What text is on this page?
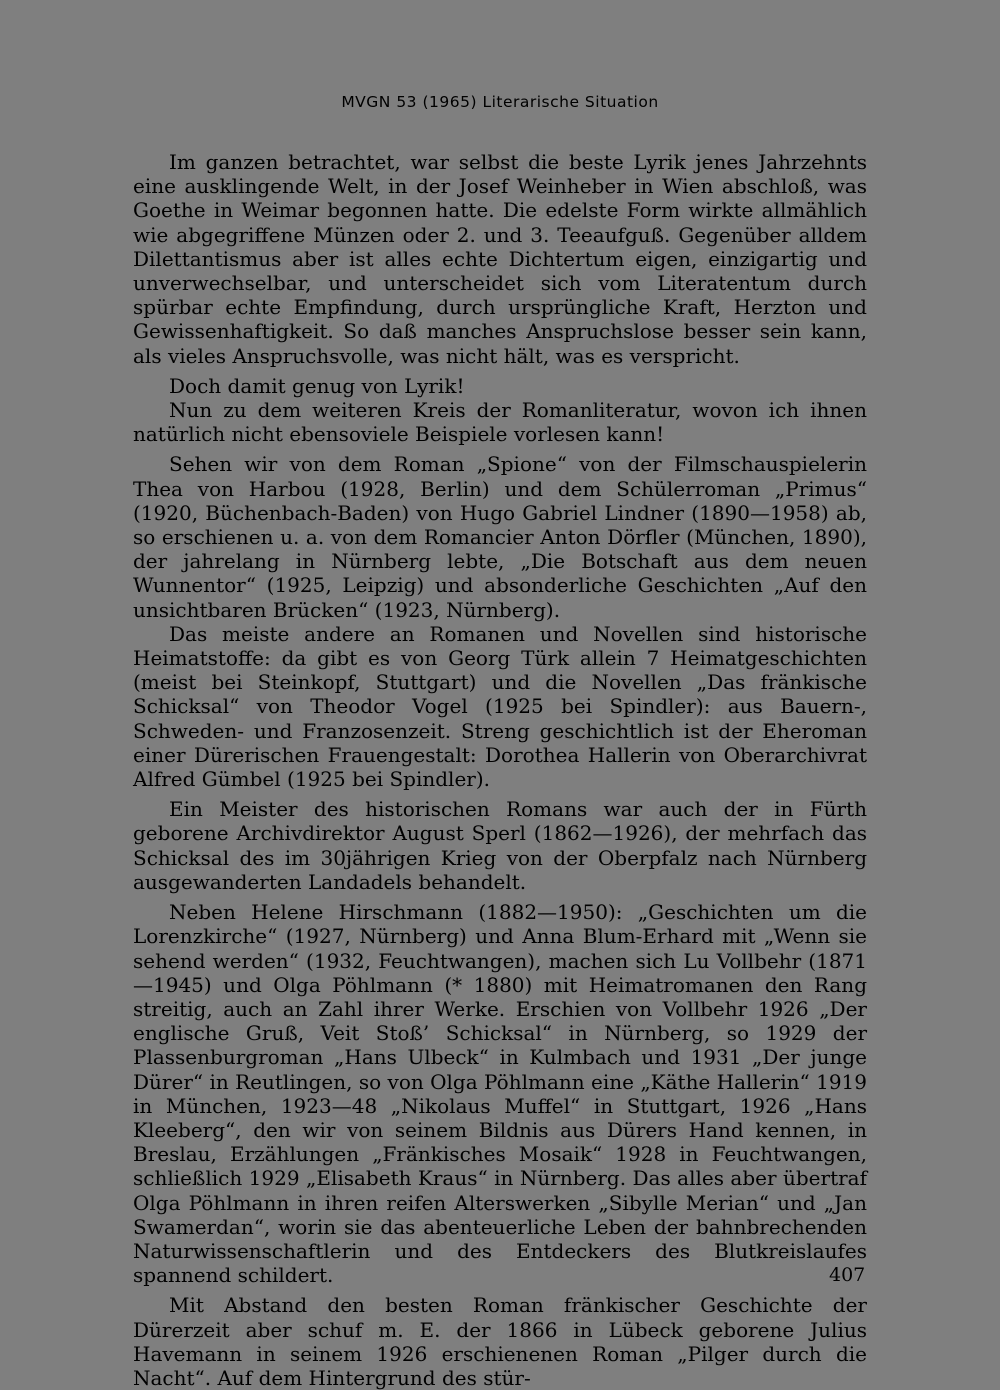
MVGN 53 (1965) Literarische Situation

Im ganzen betrachtet, war selbst die beste Lyrik jenes Jahrzehnts eine ausklingende Welt, in der Josef Weinheber in Wien abschloß, was Goethe in Weimar begonnen hatte. Die edelste Form wirkte allmählich wie abgegriffene Münzen oder 2. und 3. Teeaufguß. Gegenüber alldem Dilettantismus aber ist alles echte Dichtertum eigen, einzigartig und unverwechselbar, und unterscheidet sich vom Literatentum durch spürbar echte Empfindung, durch ursprüngliche Kraft, Herzton und Gewissenhaftigkeit. So daß manches Anspruchslose besser sein kann, als vieles Anspruchsvolle, was nicht hält, was es verspricht.

Doch damit genug von Lyrik!

Nun zu dem weiteren Kreis der Romanliteratur, wovon ich ihnen natürlich nicht ebensoviele Beispiele vorlesen kann!

Sehen wir von dem Roman „Spione“ von der Filmschauspielerin Thea von Harbou (1928, Berlin) und dem Schülerroman „Primus“ (1920, Büchenbach-Baden) von Hugo Gabriel Lindner (1890—1958) ab, so erschienen u. a. von dem Romancier Anton Dörfler (München, 1890), der jahrelang in Nürnberg lebte, „Die Botschaft aus dem neuen Wunnentor“ (1925, Leipzig) und absonderliche Geschichten „Auf den unsichtbaren Brücken“ (1923, Nürnberg).

Das meiste andere an Romanen und Novellen sind historische Heimatstoffe: da gibt es von Georg Türk allein 7 Heimatgeschichten (meist bei Steinkopf, Stuttgart) und die Novellen „Das fränkische Schicksal“ von Theodor Vogel (1925 bei Spindler): aus Bauern-, Schweden- und Franzosenzeit. Streng geschichtlich ist der Eheroman einer Dürerischen Frauengestalt: Dorothea Hallerin von Oberarchivrat Alfred Gümbel (1925 bei Spindler).

Ein Meister des historischen Romans war auch der in Fürth geborene Archivdirektor August Sperl (1862—1926), der mehrfach das Schicksal des im 30jährigen Krieg von der Oberpfalz nach Nürnberg ausgewanderten Landadels behandelt.

Neben Helene Hirschmann (1882—1950): „Geschichten um die Lorenzkirche“ (1927, Nürnberg) und Anna Blum-Erhard mit „Wenn sie sehend werden“ (1932, Feuchtwangen), machen sich Lu Vollbehr (1871—1945) und Olga Pöhlmann (* 1880) mit Heimatromanen den Rang streitig, auch an Zahl ihrer Werke. Erschien von Vollbehr 1926 „Der englische Gruß, Veit Stoß’ Schicksal“ in Nürnberg, so 1929 der Plassenburgroman „Hans Ulbeck“ in Kulmbach und 1931 „Der junge Dürer“ in Reutlingen, so von Olga Pöhlmann eine „Käthe Hallerin“ 1919 in München, 1923—48 „Nikolaus Muffel“ in Stuttgart, 1926 „Hans Kleeberg“, den wir von seinem Bildnis aus Dürers Hand kennen, in Breslau, Erzählungen „Fränkisches Mosaik“ 1928 in Feuchtwangen, schließlich 1929 „Elisabeth Kraus“ in Nürnberg. Das alles aber übertraf Olga Pöhlmann in ihren reifen Alterswerken „Sibylle Merian“ und „Jan Swamerdan“, worin sie das abenteuerliche Leben der bahnbrechenden Naturwissenschaftlerin und des Entdeckers des Blutkreislaufes spannend schildert.

Mit Abstand den besten Roman fränkischer Geschichte der Dürerzeit aber schuf m. E. der 1866 in Lübeck geborene Julius Havemann in seinem 1926 erschienenen Roman „Pilger durch die Nacht“. Auf dem Hintergrund des stür-

407
